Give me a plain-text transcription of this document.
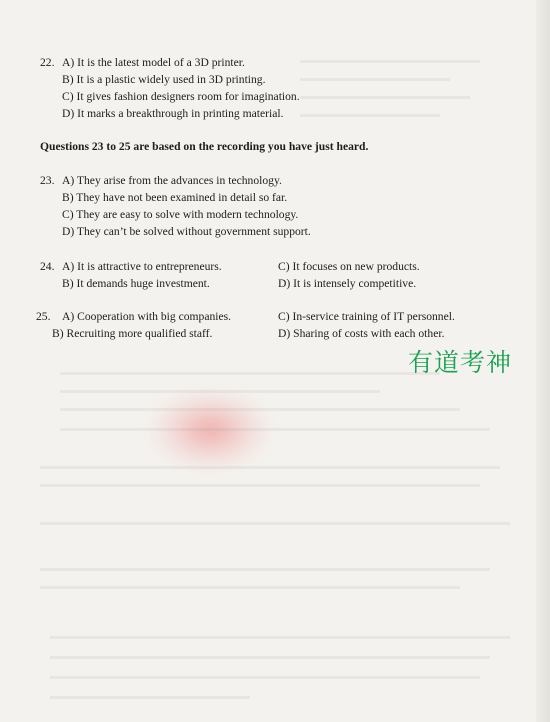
22. A) It is the latest model of a 3D printer.
B) It is a plastic widely used in 3D printing.
C) It gives fashion designers room for imagination.
D) It marks a breakthrough in printing material.
Questions 23 to 25 are based on the recording you have just heard.
23. A) They arise from the advances in technology.
B) They have not been examined in detail so far.
C) They are easy to solve with modern technology.
D) They can’t be solved without government support.
24. A) It is attractive to entrepreneurs.
B) It demands huge investment.
C) It focuses on new products.
D) It is intensely competitive.
25. A) Cooperation with big companies.
B) Recruiting more qualified staff.
C) In-service training of IT personnel.
D) Sharing of costs with each other.
有道考神
